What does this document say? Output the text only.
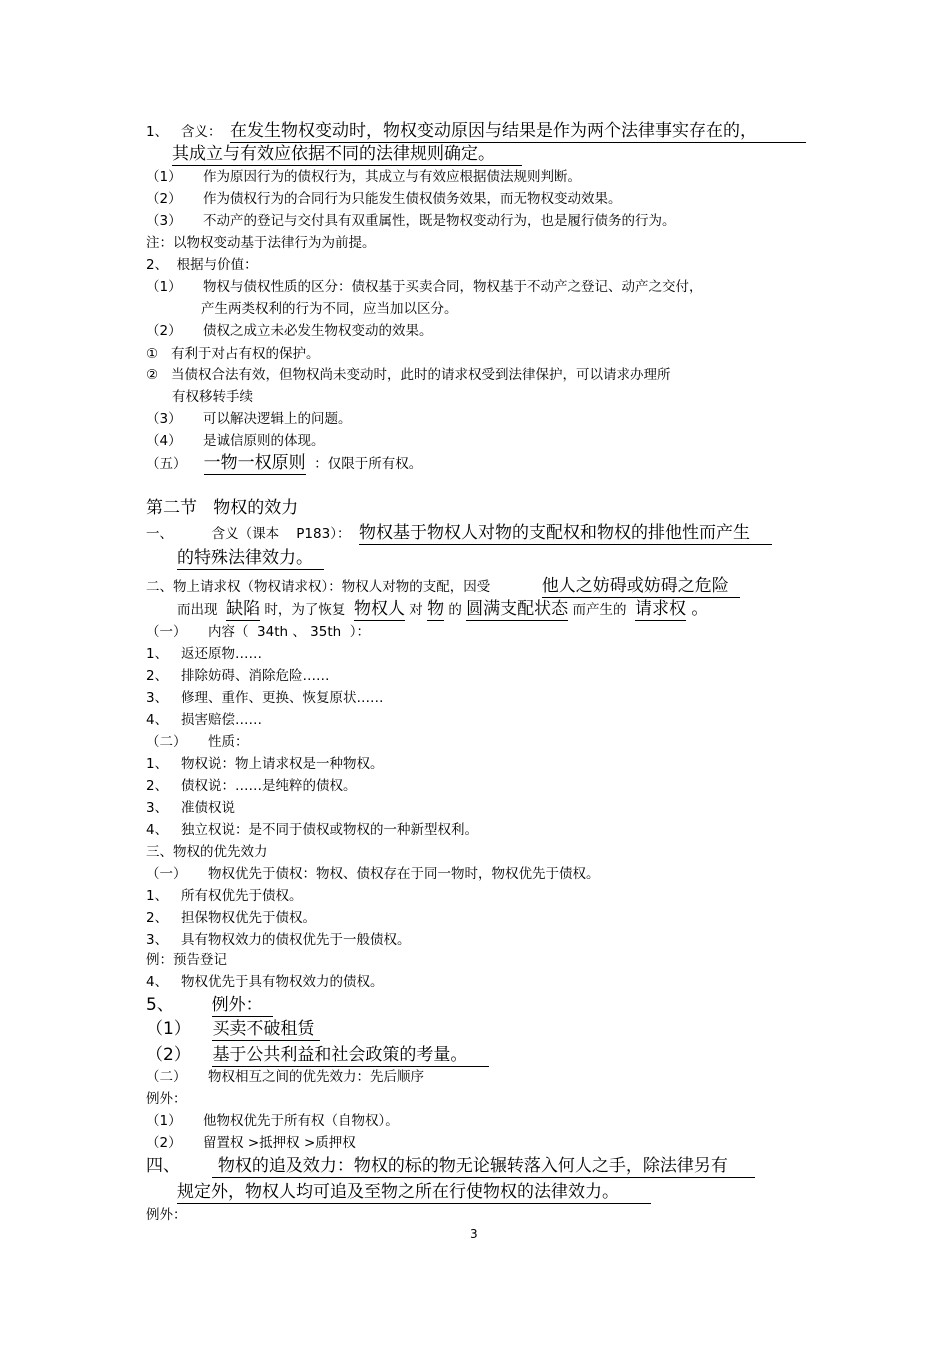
1、   含义：  在发生物权变动时，物权变动原因与结果是作为两个法律事实存在的，
其成立与有效应依据不同的法律规则确定。
（1）     作为原因行为的债权行为，其成立与有效应根据债法规则判断。
（2）     作为债权行为的合同行为只能发生债权债务效果，而无物权变动效果。
（3）     不动产的登记与交付具有双重属性，既是物权变动行为，也是履行债务的行为。
注：以物权变动基于法律行为为前提。
2、  根据与价值：
（1）     物权与债权性质的区分：债权基于买卖合同，物权基于不动产之登记、动产之交付，
产生两类权利的行为不同，应当加以区分。
（2）     债权之成立未必发生物权变动的效果。
①   有利于对占有权的保护。
②   当债权合法有效，但物权尚未变动时，此时的请求权受到法律保护，可以请求办理所
有权移转手续
（3）     可以解决逻辑上的问题。
（4）     是诚信原则的体现。
（五）    一物一权原则  ：仅限于所有权。
第二节   物权的效力
一、         含义（课本    P183）：  物权基于物权人对物的支配权和物权的排他性而产生
的特殊法律效力。
二、物上请求权（物权请求权）：物权人对物的支配，因受            他人之妨碍或妨碍之危险
而出现  缺陷 时，为了恢复  物权人 对 物 的 圆满支配状态 而产生的  请求权 。
（一）     内容（  34th 、 35th  ）：
1、   返还原物……
2、   排除妨碍、消除危险……
3、   修理、重作、更换、恢复原状……
4、   损害赔偿……
（二）     性质：
1、   物权说：物上请求权是一种物权。
2、   债权说：……是纯粹的债权。
3、   准债权说
4、   独立权说：是不同于债权或物权的一种新型权利。
三、物权的优先效力
（一）     物权优先于债权：物权、债权存在于同一物时，物权优先于债权。
1、   所有权优先于债权。
2、   担保物权优先于债权。
3、   具有物权效力的债权优先于一般债权。
例：预告登记
4、   物权优先于具有物权效力的债权。
5、       例外：
（1）    买卖不破租赁
（2）    基于公共利益和社会政策的考量。
（二）     物权相互之间的优先效力：先后顺序
例外：
（1）     他物权优先于所有权（自物权）。
（2）     留置权 >抵押权 >质押权
四、       物权的追及效力：物权的标的物无论辗转落入何人之手，除法律另有
规定外，物权人均可追及至物之所在行使物权的法律效力。
例外：
3
